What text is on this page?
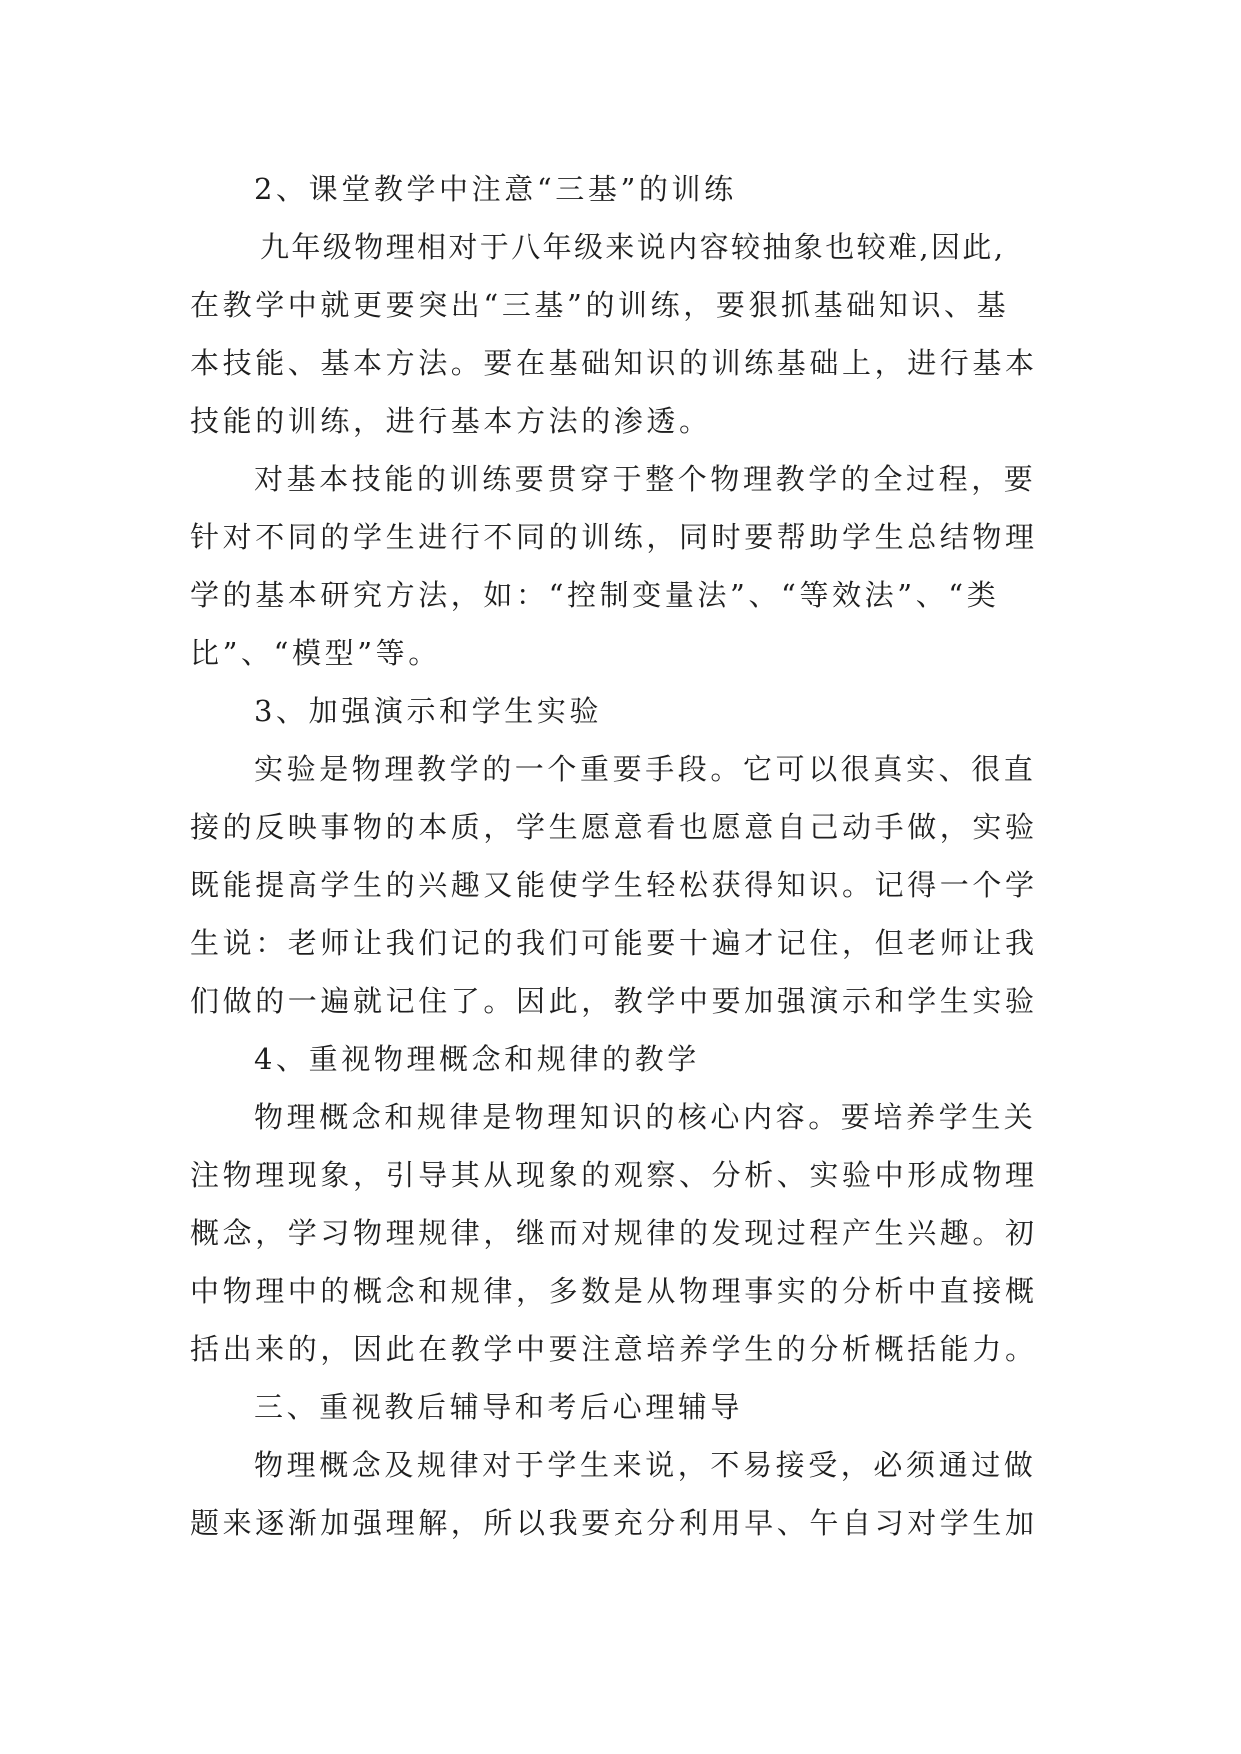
2、课堂教学中注意“三基”的训练
九年级物理相对于八年级来说内容较抽象也较难,因此,
在教学中就更要突出“三基”的训练，要狠抓基础知识、基
本技能、基本方法。要在基础知识的训练基础上，进行基本
技能的训练，进行基本方法的渗透。
对基本技能的训练要贯穿于整个物理教学的全过程，要
针对不同的学生进行不同的训练，同时要帮助学生总结物理
学的基本研究方法，如：“控制变量法”、“等效法”、“类
比”、“模型”等。
3、加强演示和学生实验
实验是物理教学的一个重要手段。它可以很真实、很直
接的反映事物的本质，学生愿意看也愿意自己动手做，实验
既能提高学生的兴趣又能使学生轻松获得知识。记得一个学
生说：老师让我们记的我们可能要十遍才记住，但老师让我
们做的一遍就记住了。因此，教学中要加强演示和学生实验
4、重视物理概念和规律的教学
物理概念和规律是物理知识的核心内容。要培养学生关
注物理现象，引导其从现象的观察、分析、实验中形成物理
概念，学习物理规律，继而对规律的发现过程产生兴趣。初
中物理中的概念和规律，多数是从物理事实的分析中直接概
括出来的，因此在教学中要注意培养学生的分析概括能力。
三、重视教后辅导和考后心理辅导
物理概念及规律对于学生来说，不易接受，必须通过做
题来逐渐加强理解，所以我要充分利用早、午自习对学生加
